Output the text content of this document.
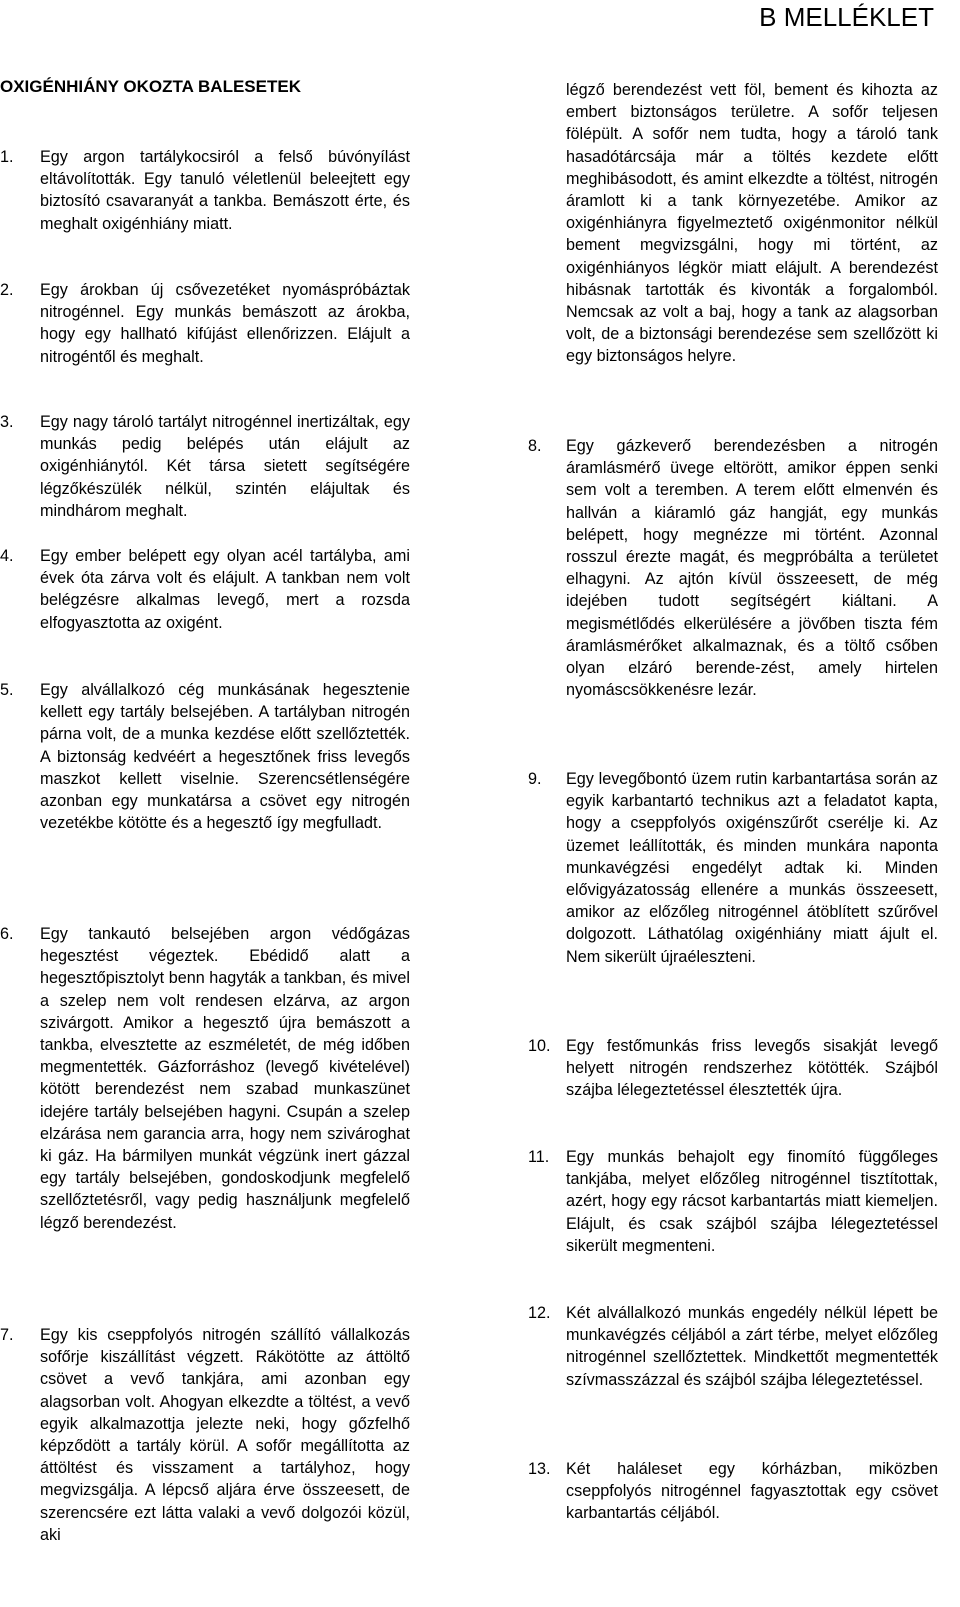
B MELLÉKLET
OXIGÉNHIÁNY OKOZTA BALESETEK
1. Egy argon tartálykocsiról a felső búvónyílást eltávolították. Egy tanuló véletlenül beleejtett egy biztosító csavaranyát a tankba. Bemászott érte, és meghalt oxigénhiány miatt.

2. Egy árokban új csővezetéket nyomáspróbáztak nitrogénnel. Egy munkás bemászott az árokba, hogy egy hallható kifújást ellenőrizzen. Elájult a nitrogéntől és meghalt.

3. Egy nagy tároló tartályt nitrogénnel inertizáltak, egy munkás pedig belépés után elájult az oxigénhiánytól. Két társa sietett segítségére légzőkészülék nélkül, szintén elájultak és mindhárom meghalt.

4. Egy ember belépett egy olyan acél tartályba, ami évek óta zárva volt és elájult. A tankban nem volt belégzésre alkalmas levegő, mert a rozsda elfogyasztotta az oxigént.

5. Egy alvállalkozó cég munkásának hegesztenie kellett egy tartály belsejében. A tartályban nitrogén párna volt, de a munka kezdése előtt szellőztették. A biztonság kedvéért a hegesztőnek friss levegős maszkot kellett viselnie. Szerencsétlenségére azonban egy munkatársa a csövet egy nitrogén vezetékbe kötötte és a hegesztő így megfulladt.

6. Egy tankautó belsejében argon védőgázas hegesztést végeztek. Ebédidő alatt a hegesztőpisztolyt benn hagyták a tankban, és mivel a szelep nem volt rendesen elzárva, az argon szivárgott. Amikor a hegesztő újra bemászott a tankba, elvesztette az eszméletét, de még időben megmentették. Gázforráshoz (levegő kivételével) kötött berendezést nem szabad munkaszünet idejére tartály belsejében hagyni. Csupán a szelep elzárása nem garancia arra, hogy nem szivároghat ki gáz. Ha bármilyen munkát végzünk inert gázzal egy tartály belsejében, gondoskodjunk megfelelő szellőztetésről, vagy pedig használjunk megfelelő légző berendezést.

7. Egy kis cseppfolyós nitrogén szállító vállalkozás sofőrje kiszállítást végzett. Rákötötte az áttöltő csövet a vevő tankjára, ami azonban egy alagsorban volt. Ahogyan elkezdte a töltést, a vevő egyik alkalmazottja jelezte neki, hogy gőzfelhő képződött a tartály körül. A sofőr megállította az áttöltést és visszament a tartályhoz, hogy megvizsgálja. A lépcső aljára érve összeesett, de szerencsére ezt látta valaki a vevő dolgozói közül, aki

légző berendezést vett föl, bement és kihozta az embert biztonságos területre. A sofőr teljesen fölépült. A sofőr nem tudta, hogy a tároló tank hasadótárcsája már a töltés kezdete előtt meghibásodott, és amint elkezdte a töltést, nitrogén áramlott ki a tank környezetébe. Amikor az oxigénhiányra figyelmeztető oxigénmonitor nélkül bement megvizsgálni, hogy mi történt, az oxigénhiányos légkör miatt elájult. A berendezést hibásnak tartották és kivonták a forgalomból. Nemcsak az volt a baj, hogy a tank az alagsorban volt, de a biztonsági berendezése sem szellőzött ki egy biztonságos helyre.

8. Egy gázkeverő berendezésben a nitrogén áramlásmérő üvege eltörött, amikor éppen senki sem volt a teremben. A terem előtt elmenvén és hallván a kiáramló gáz hangját, egy munkás belépett, hogy megnézze mi történt. Azonnal rosszul érezte magát, és megpróbálta a területet elhagyni. Az ajtón kívül összeesett, de még idejében tudott segítségért kiáltani. A megismétlődés elkerülésére a jövőben tiszta fém áramlásmérőket alkalmaznak, és a töltő csőben olyan elzáró berende-zést, amely hirtelen nyomáscsökkenésre lezár.

9. Egy levegőbontó üzem rutin karbantartása során az egyik karbantartó technikus azt a feladatot kapta, hogy a cseppfolyós oxigénszűrőt cserélje ki. Az üzemet leállították, és minden munkára naponta munkavégzési engedélyt adtak ki. Minden elővigyázatosság ellenére a munkás összeesett, amikor az előzőleg nitrogénnel átöblített szűrővel dolgozott. Láthatólag oxigénhiány miatt ájult el. Nem sikerült újraéleszteni.

10. Egy festőmunkás friss levegős sisakját levegő helyett nitrogén rendszerhez kötötték. Szájból szájba lélegeztetéssel élesztették újra.

11. Egy munkás behajolt egy finomító függőleges tankjába, melyet előzőleg nitrogénnel tisztítottak, azért, hogy egy rácsot karbantartás miatt kiemeljen. Elájult, és csak szájból szájba lélegeztetéssel sikerült megmenteni.

12. Két alvállalkozó munkás engedély nélkül lépett be munkavégzés céljából a zárt térbe, melyet előzőleg nitrogénnel szellőztettek. Mindkettőt megmentették szívmasszázzal és szájból szájba lélegeztetéssel.

13. Két haláleset egy kórházban, miközben cseppfolyós nitrogénnel fagyasztottak egy csövet karbantartás céljából.
